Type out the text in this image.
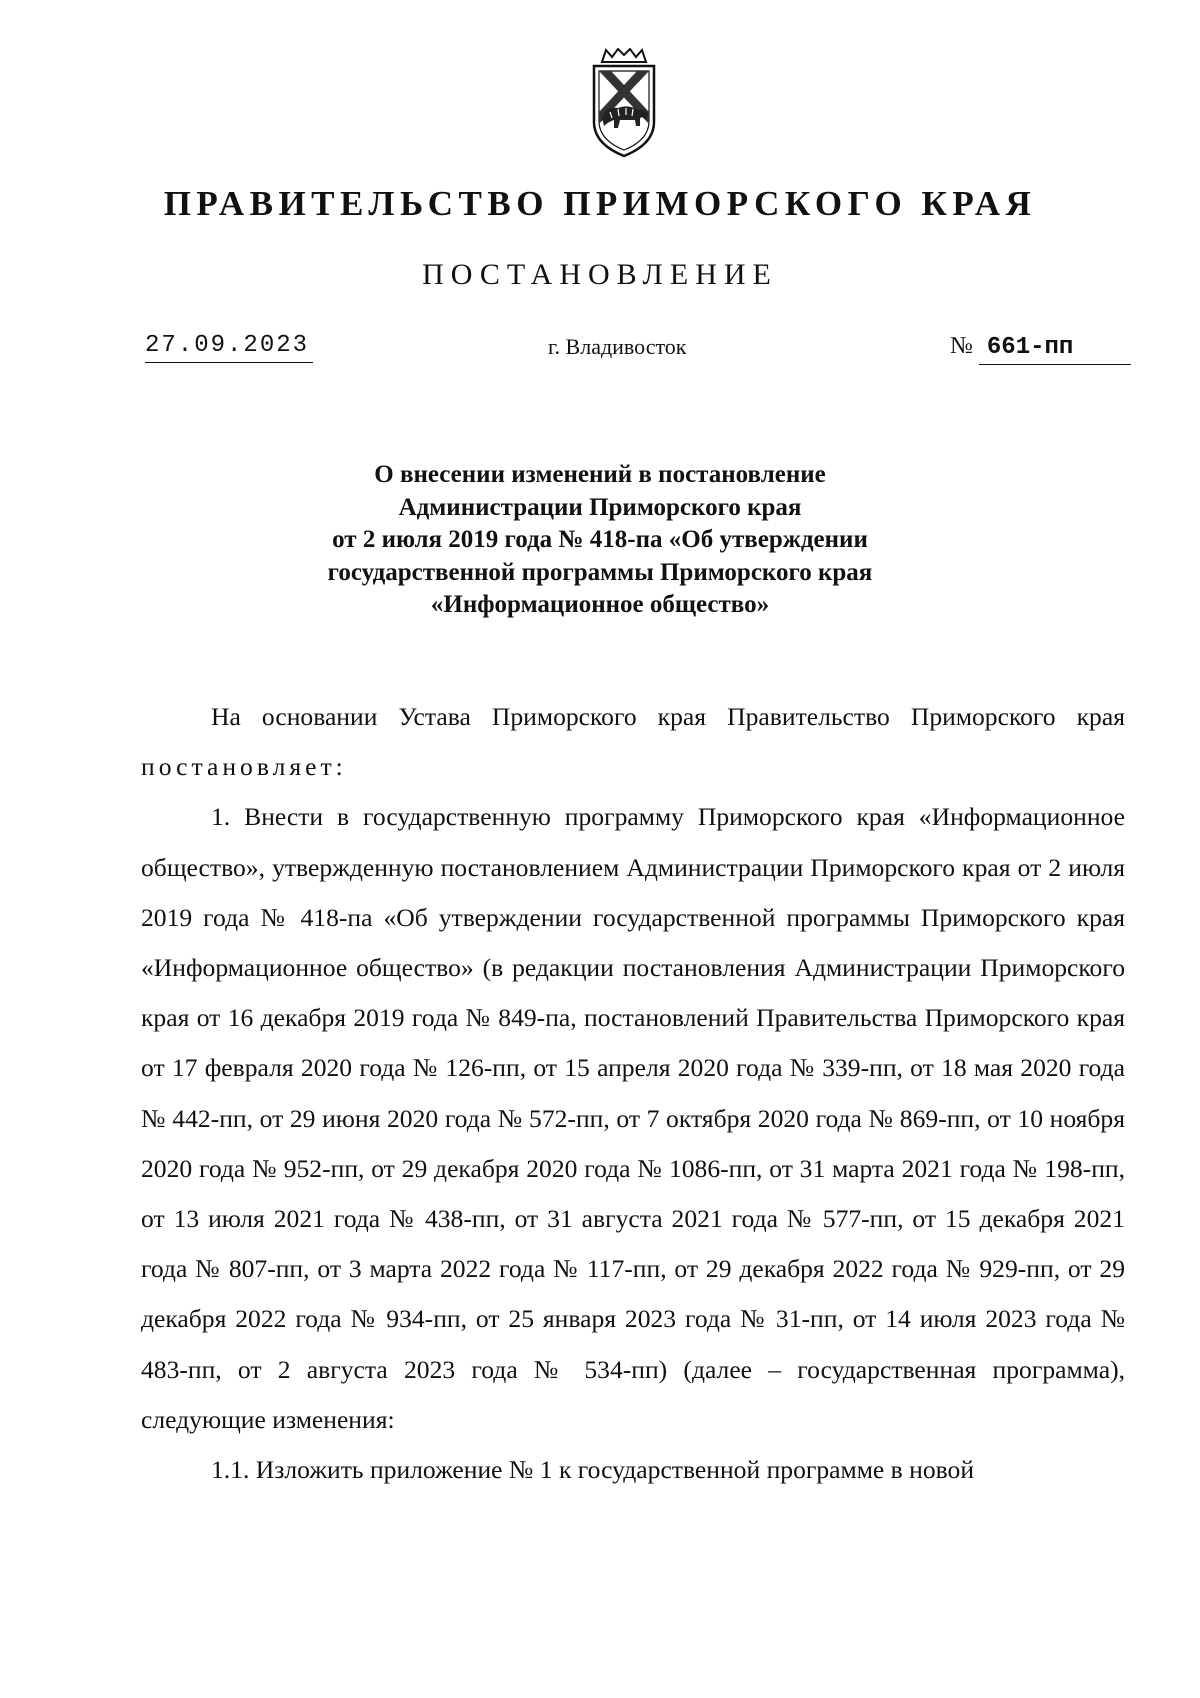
ПРАВИТЕЛЬСТВО ПРИМОРСКОГО КРАЯ
ПОСТАНОВЛЕНИЕ
27.09.2023	г. Владивосток	№ 661-пп
О внесении изменений в постановление
Администрации Приморского края
от 2 июля 2019 года № 418-па «Об утверждении
государственной программы Приморского края
«Информационное общество»

На основании Устава Приморского края Правительство Приморского края постановляет:

1. Внести в государственную программу Приморского края «Информационное общество», утвержденную постановлением Администрации Приморского края от 2 июля 2019 года № 418-па «Об утверждении государственной программы Приморского края «Информационное общество» (в редакции постановления Администрации Приморского края от 16 декабря 2019 года № 849-па, постановлений Правительства Приморского края от 17 февраля 2020 года № 126-пп, от 15 апреля 2020 года № 339-пп, от 18 мая 2020 года № 442-пп, от 29 июня 2020 года № 572-пп, от 7 октября 2020 года № 869-пп, от 10 ноября 2020 года № 952-пп, от 29 декабря 2020 года № 1086-пп, от 31 марта 2021 года № 198-пп, от 13 июля 2021 года № 438-пп, от 31 августа 2021 года № 577-пп, от 15 декабря 2021 года № 807-пп, от 3 марта 2022 года № 117-пп, от 29 декабря 2022 года № 929-пп, от 29 декабря 2022 года № 934-пп, от 25 января 2023 года № 31-пп, от 14 июля 2023 года № 483-пп, от 2 августа 2023 года № 534-пп) (далее – государственная программа), следующие изменения:

1.1. Изложить приложение № 1 к государственной программе в новой
